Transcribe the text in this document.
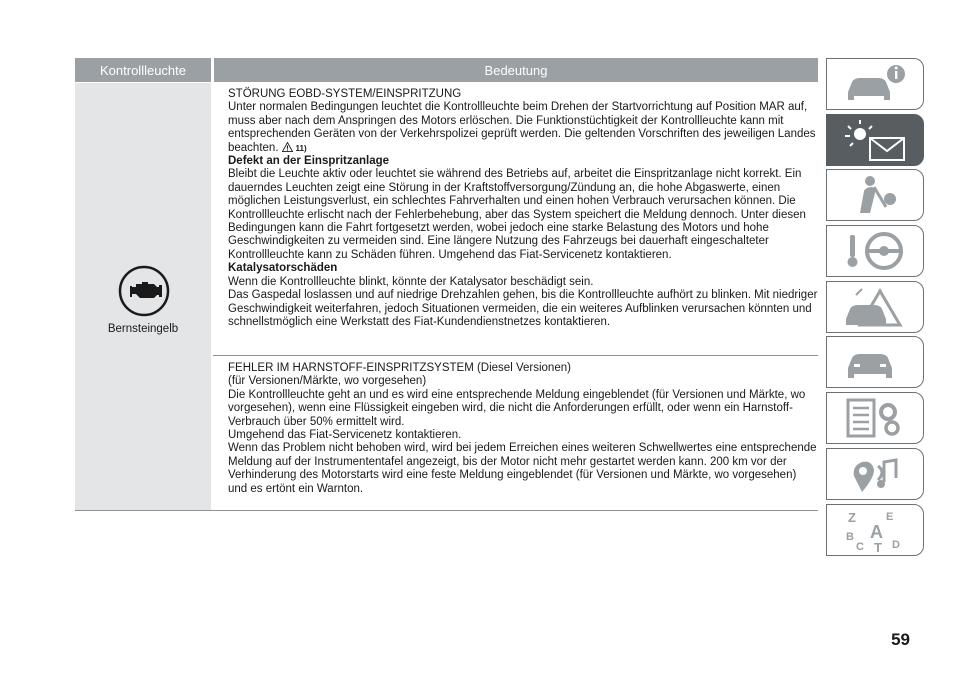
Kontrollleuchte	Bedeutung
Bernsteingelb

STÖRUNG EOBD-SYSTEM/EINSPRITZUNG

Unter normalen Bedingungen leuchtet die Kontrollleuchte beim Drehen der Startvorrichtung auf Position MAR auf, muss aber nach dem Anspringen des Motors erlöschen. Die Funktionstüchtigkeit der Kontrollleuchte kann mit entsprechenden Geräten von der Verkehrspolizei geprüft werden. Die geltenden Vorschriften des jeweiligen Landes beachten. 11)

Defekt an der Einspritzanlage

Bleibt die Leuchte aktiv oder leuchtet sie während des Betriebs auf, arbeitet die Einspritzanlage nicht korrekt. Ein dauerndes Leuchten zeigt eine Störung in der Kraftstoffversorgung/Zündung an, die hohe Abgaswerte, einen möglichen Leistungsverlust, ein schlechtes Fahrverhalten und einen hohen Verbrauch verursachen können. Die Kontrollleuchte erlischt nach der Fehlerbehebung, aber das System speichert die Meldung dennoch. Unter diesen Bedingungen kann die Fahrt fortgesetzt werden, wobei jedoch eine starke Belastung des Motors und hohe Geschwindigkeiten zu vermeiden sind. Eine längere Nutzung des Fahrzeugs bei dauerhaft eingeschalteter Kontrollleuchte kann zu Schäden führen. Umgehend das Fiat-Servicenetz kontaktieren.

Katalysatorschäden

Wenn die Kontrollleuchte blinkt, könnte der Katalysator beschädigt sein.

Das Gaspedal loslassen und auf niedrige Drehzahlen gehen, bis die Kontrollleuchte aufhört zu blinken. Mit niedriger Geschwindigkeit weiterfahren, jedoch Situationen vermeiden, die ein weiteres Aufblinken verursachen könnten und schnellstmöglich eine Werkstatt des Fiat-Kundendienstnetzes kontaktieren.

FEHLER IM HARNSTOFF-EINSPRITZSYSTEM (Diesel Versionen)

(für Versionen/Märkte, wo vorgesehen)

Die Kontrollleuchte geht an und es wird eine entsprechende Meldung eingeblendet (für Versionen und Märkte, wo vorgesehen), wenn eine Flüssigkeit eingeben wird, die nicht die Anforderungen erfüllt, oder wenn ein Harnstoff-Verbrauch über 50% ermittelt wird.

Umgehend das Fiat-Servicenetz kontaktieren.

Wenn das Problem nicht behoben wird, wird bei jedem Erreichen eines weiteren Schwellwertes eine entsprechende Meldung auf der Instrumententafel angezeigt, bis der Motor nicht mehr gestartet werden kann. 200 km vor der Verhinderung des Motorstarts wird eine feste Meldung eingeblendet (für Versionen und Märkte, wo vorgesehen) und es ertönt ein Warnton.

Z	E
B A
C T D
59
